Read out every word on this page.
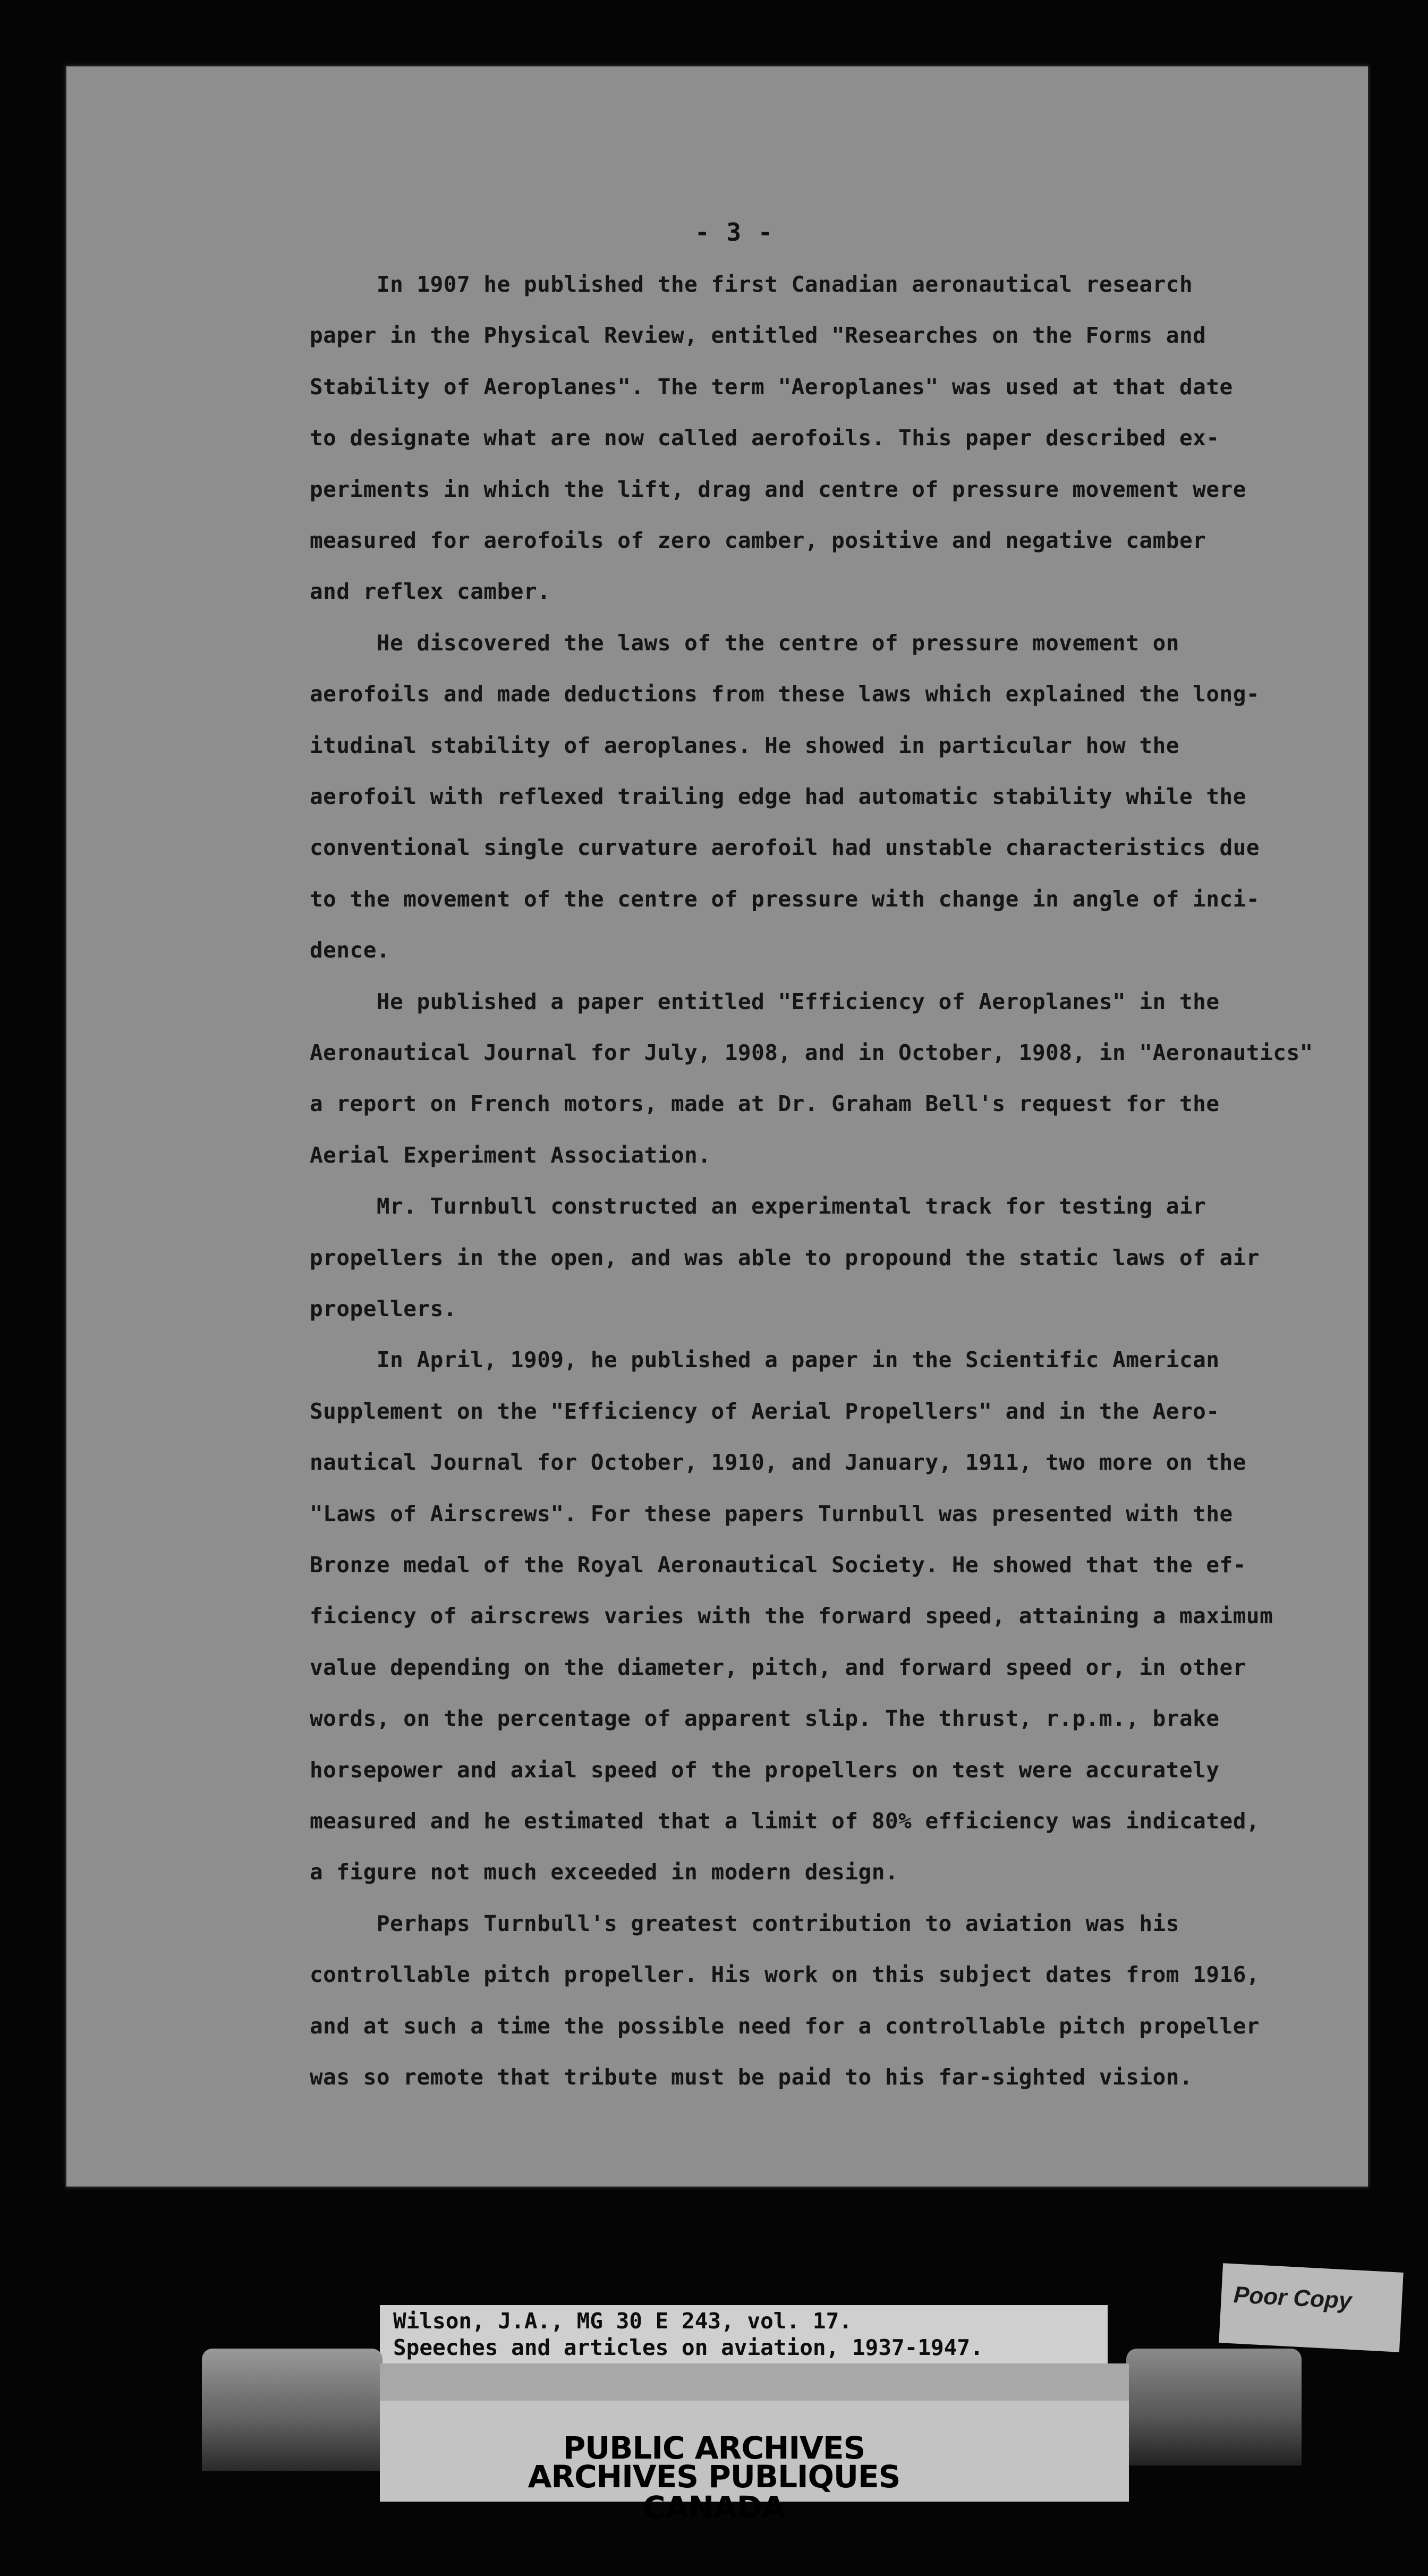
- 3 -
In 1907 he published the first Canadian aeronautical research
paper in the Physical Review, entitled "Researches on the Forms and
Stability of Aeroplanes". The term "Aeroplanes" was used at that date
to designate what are now called aerofoils. This paper described ex-
periments in which the lift, drag and centre of pressure movement were
measured for aerofoils of zero camber, positive and negative camber
and reflex camber.
He discovered the laws of the centre of pressure movement on
aerofoils and made deductions from these laws which explained the long-
itudinal stability of aeroplanes. He showed in particular how the
aerofoil with reflexed trailing edge had automatic stability while the
conventional single curvature aerofoil had unstable characteristics due
to the movement of the centre of pressure with change in angle of inci-
dence.
He published a paper entitled "Efficiency of Aeroplanes" in the
Aeronautical Journal for July, 1908, and in October, 1908, in "Aeronautics"
a report on French motors, made at Dr. Graham Bell's request for the
Aerial Experiment Association.
Mr. Turnbull constructed an experimental track for testing air
propellers in the open, and was able to propound the static laws of air
propellers.
In April, 1909, he published a paper in the Scientific American
Supplement on the "Efficiency of Aerial Propellers" and in the Aero-
nautical Journal for October, 1910, and January, 1911, two more on the
"Laws of Airscrews". For these papers Turnbull was presented with the
Bronze medal of the Royal Aeronautical Society. He showed that the ef-
ficiency of airscrews varies with the forward speed, attaining a maximum
value depending on the diameter, pitch, and forward speed or, in other
words, on the percentage of apparent slip. The thrust, r.p.m., brake
horsepower and axial speed of the propellers on test were accurately
measured and he estimated that a limit of 80% efficiency was indicated,
a figure not much exceeded in modern design.
Perhaps Turnbull's greatest contribution to aviation was his
controllable pitch propeller. His work on this subject dates from 1916,
and at such a time the possible need for a controllable pitch propeller
was so remote that tribute must be paid to his far-sighted vision.
Wilson, J.A., MG 30 E 243, vol. 17.
Speeches and articles on aviation, 1937-1947.
Poor Copy
PUBLIC ARCHIVES
ARCHIVES PUBLIQUES
CANADA
